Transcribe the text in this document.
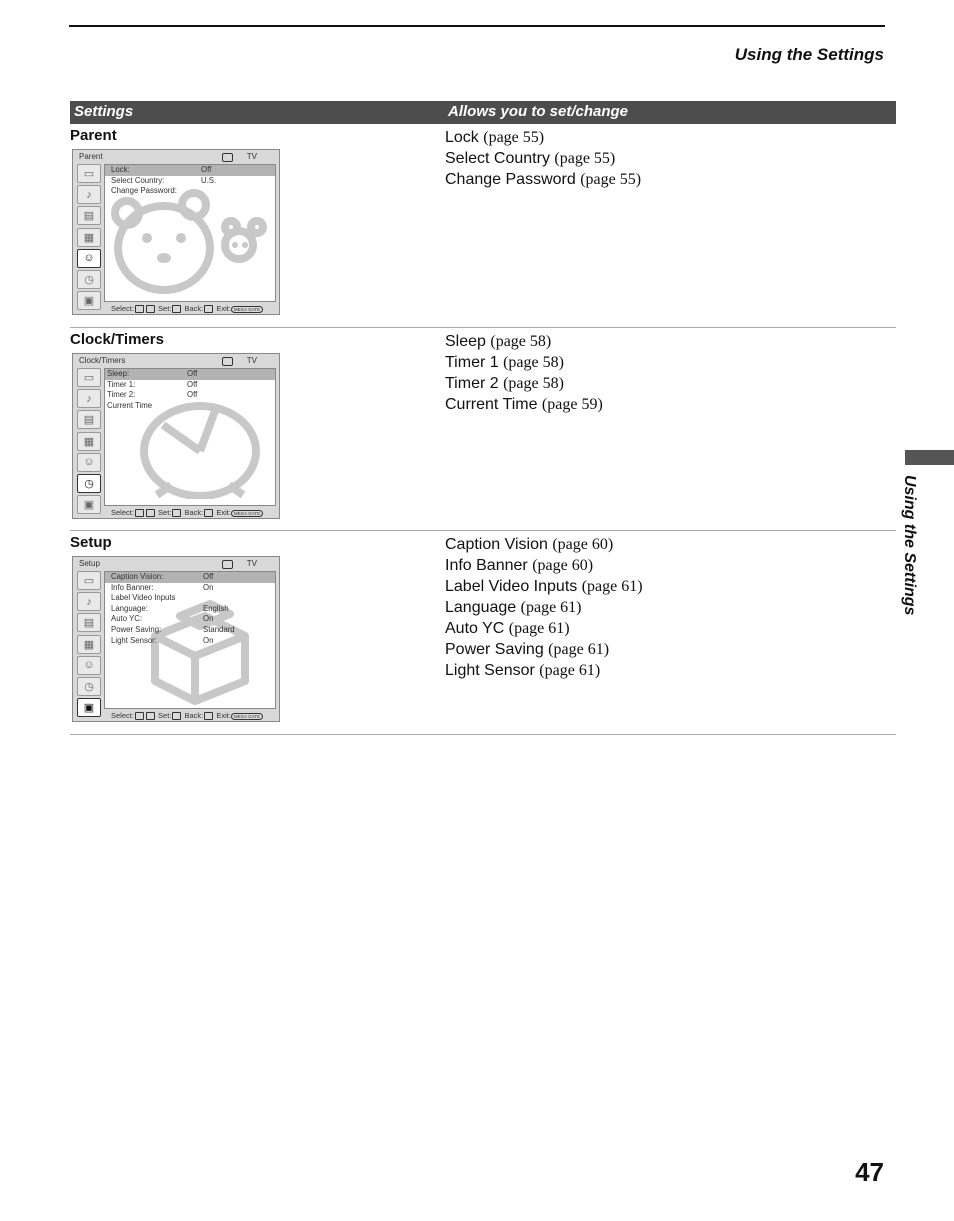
Using the Settings
Settings	Allows you to set/change
Parent
Parent	TV
▭
♪
▤
▦
☺
◷
▣
Lock:	Off
Select Country:	U.S.
Change Password:
Select:	Set: Back: Exit: MEGA GATE
Lock (page 55)
Select Country (page 55)
Change Password (page 55)
Clock/Timers
Clock/Timers	TV
▭
♪
▤
▦
☺
◷
▣
Sleep:	Off
Timer 1:	Off
Timer 2:	Off
Current Time
Select:	Set: Back: Exit: MEGA GATE
Sleep (page 58)
Timer 1 (page 58)
Timer 2 (page 58)
Current Time (page 59)
Setup
Setup	TV
▭
♪
▤
▦
☺
◷
▣
Caption Vision:	Off
Info Banner:	On
Label Video Inputs
Language:	English
Auto YC:	On
Power Saving:	Standard
Light Sensor:	On
Select:	Set: Back: Exit: MEGA GATE
Caption Vision (page 60)
Info Banner (page 60)
Label Video Inputs (page 61)
Language (page 61)
Auto YC (page 61)
Power Saving (page 61)
Light Sensor (page 61)
Using the Settings
47
